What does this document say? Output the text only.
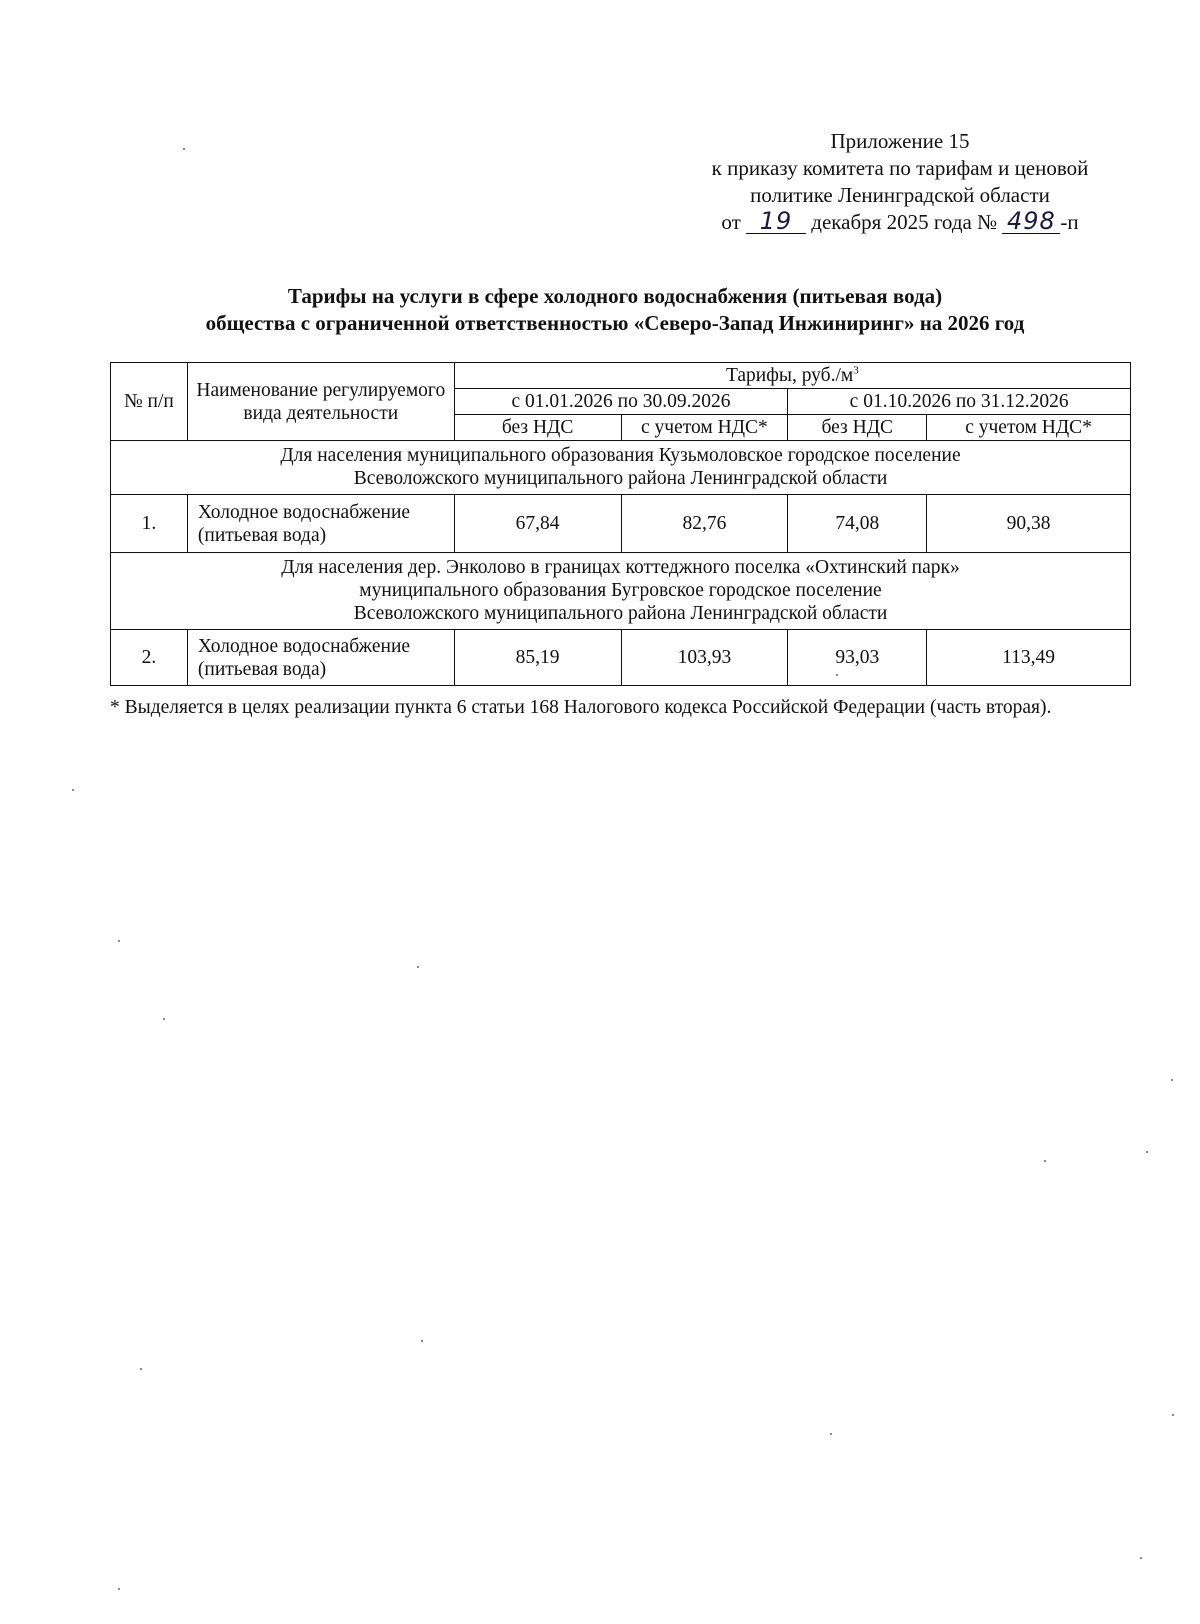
Приложение 15
к приказу комитета по тарифам и ценовой
политике Ленинградской области
от 19 декабря 2025 года № 498 -п
Тарифы на услуги в сфере холодного водоснабжения (питьевая вода)
общества с ограниченной ответственностью «Северо-Запад Инжиниринг» на 2026 год
№ п/п	Наименование регулируемого вида деятельности	Тарифы, $руб./м^3$
		с 01.01.2026 по 30.09.2026		с 01.10.2026 по 31.12.2026	
		без НДС	с учетом НДС*	без НДС	с учетом НДС*

Для населения муниципального образования Кузьмоловское городское поселение
Всеволожского муниципального района Ленинградской области					

1.	Холодное водоснабжение (питьевая вода)	67,84	82,76	74,08	90,38

Для населения дер. Энколово в границах коттеджного поселка «Охтинский парк»
муниципального образования Бугровское городское поселение
Всеволожского муниципального района Ленинградской области					

2.	Холодное водоснабжение (питьевая вода)	85,19	103,93	93,03	113,49
* Выделяется в целях реализации пункта 6 статьи 168 Налогового кодекса Российской Федерации (часть вторая).
